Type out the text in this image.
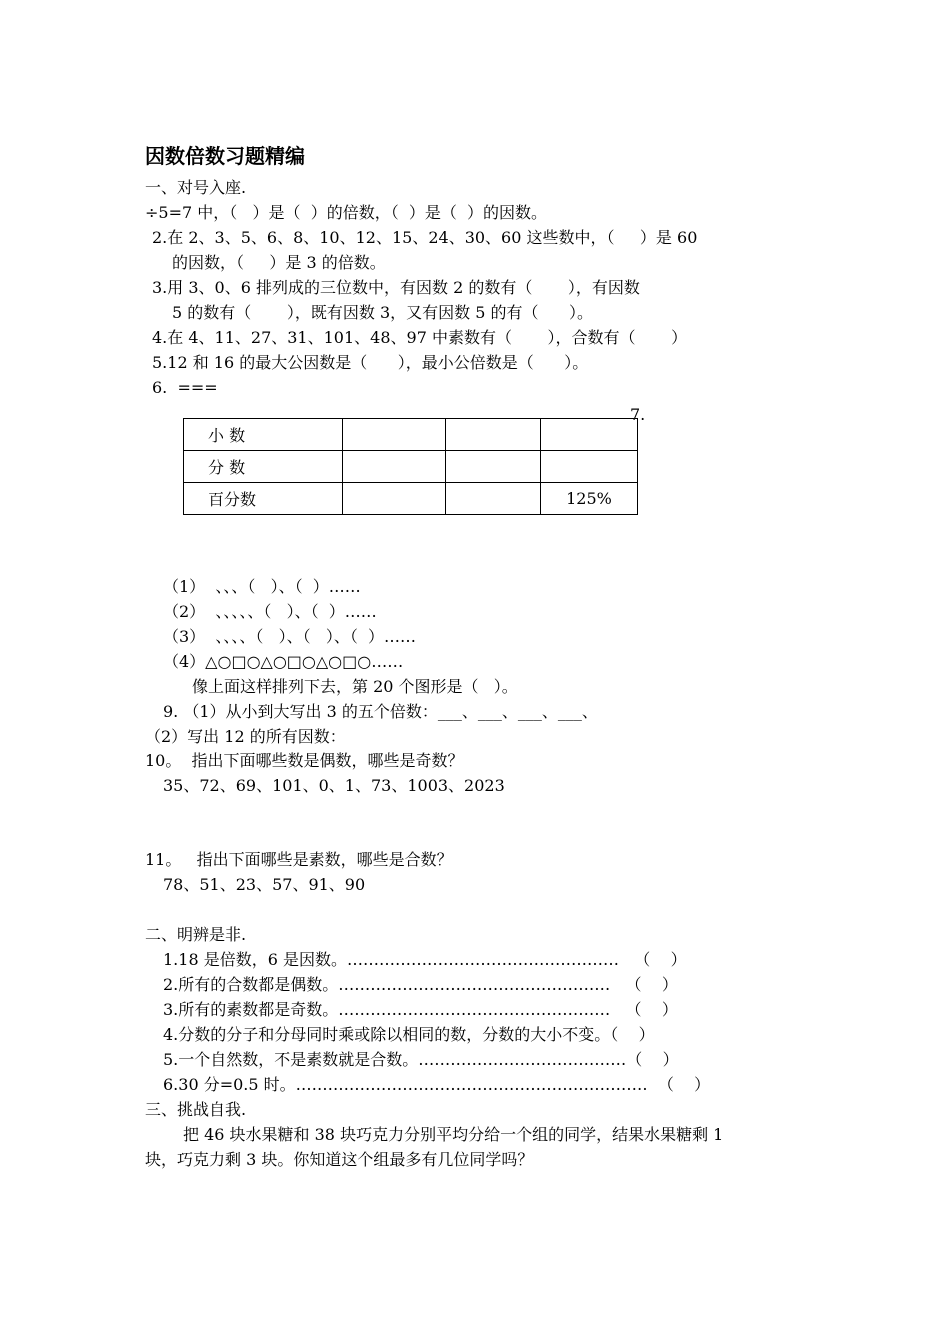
因数倍数习题精编
一、对号入座.
÷5=7 中，（   ）是（  ）的倍数，（  ）是（  ）的因数。
2.在 2、3、5、6、8、10、12、15、24、30、60 这些数中，（     ）是 60
的因数，（     ）是 3 的倍数。
3.用 3、0、6 排列成的三位数中，有因数 2 的数有（       ），有因数
5 的数有（       ），既有因数 3，又有因数 5 的有（      ）。
4.在 4、11、27、31、101、48、97 中素数有（       ），合数有（       ）
5.12 和 16 的最大公因数是（      ），最小公倍数是（      ）。
6.  ===
7.
小 数			
分 数			
百分数			125%
（1）  、、、（   ）、（  ）……
（2）  、、、、、（   ）、（  ）……
（3）  、、、、（   ）、（   ）、（  ）……
（4）△○□○△○□○△○□○……
像上面这样排列下去，第 20 个图形是（   ）。
9. （1）从小到大写出 3 的五个倍数：___、___、___、___、
（2）写出 12 的所有因数：
10。  指出下面哪些数是偶数，哪些是奇数？
35、72、69、101、0、1、73、1003、2023
11。   指出下面哪些是素数，哪些是合数？
78、51、23、57、91、90
二、明辨是非.
1.18 是倍数，6 是因数。……………………………………………   （    ）
2.所有的合数都是偶数。……………………………………………   （    ）
3.所有的素数都是奇数。……………………………………………   （    ）
4.分数的分子和分母同时乘或除以相同的数，分数的大小不变。（    ）
5.一个自然数，不是素数就是合数。…………………………………（    ）
6.30 分=0.5 时。…………………………………………………………  （    ）
三、挑战自我.
把 46 块水果糖和 38 块巧克力分别平均分给一个组的同学，结果水果糖剩 1
块，巧克力剩 3 块。你知道这个组最多有几位同学吗？
